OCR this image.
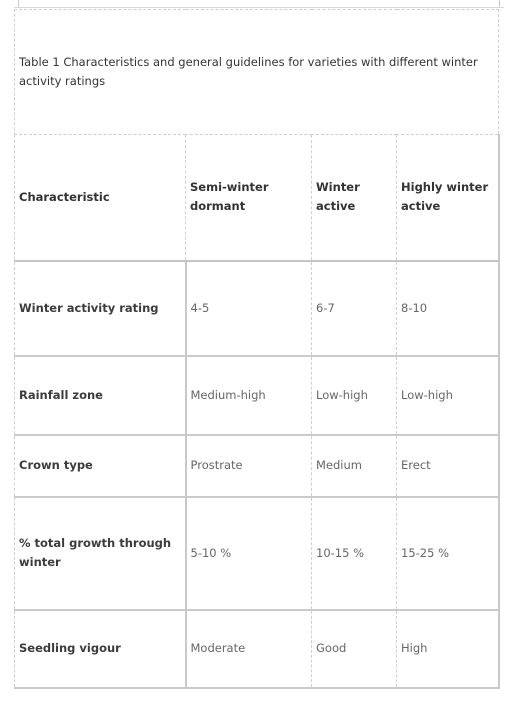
Table 1 Characteristics and general guidelines for varieties with different winter activity ratings			
Characteristic	Semi-winter dormant	Winter active	Highly winter active
Winter activity rating	4-5	6-7	8-10
Rainfall zone	Medium-high	Low-high	Low-high
Crown type	Prostrate	Medium	Erect
% total growth through winter	5-10 %	10-15 %	15-25 %
Seedling vigour	Moderate	Good	High
